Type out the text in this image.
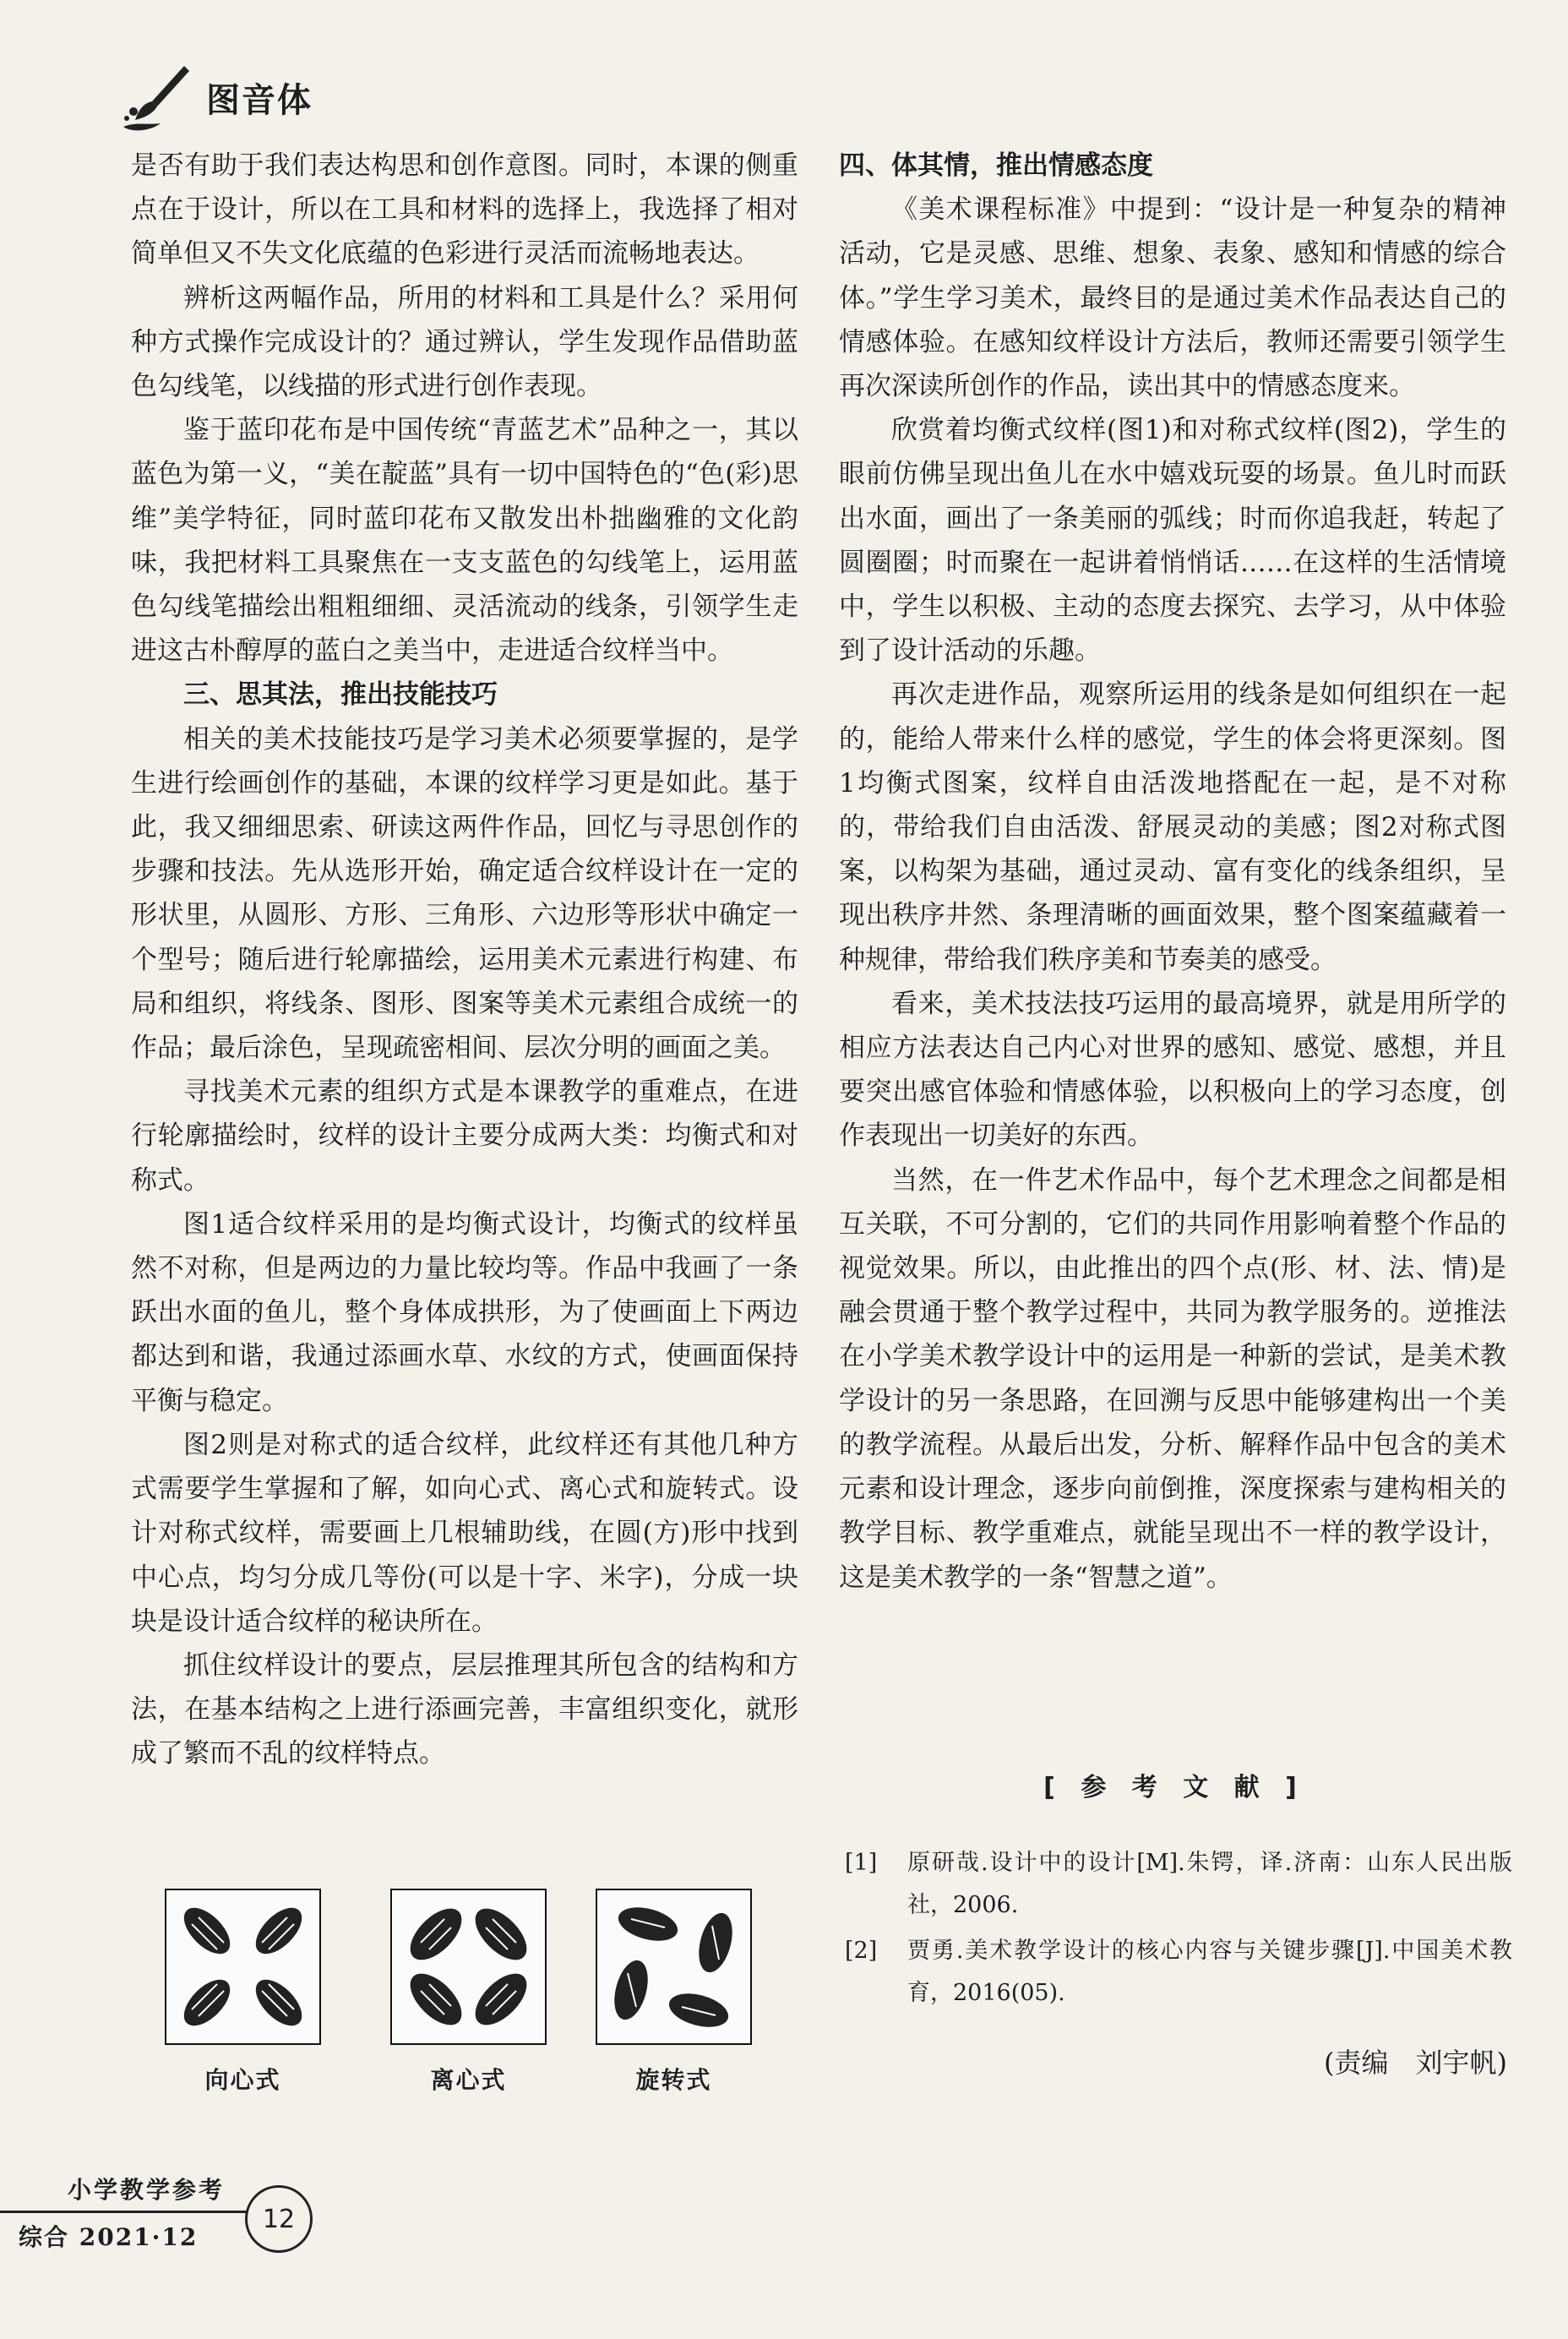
图音体

是否有助于我们表达构思和创作意图。同时，本课的侧重点在于设计，所以在工具和材料的选择上，我选择了相对简单但又不失文化底蕴的色彩进行灵活而流畅地表达。

辨析这两幅作品，所用的材料和工具是什么？采用何种方式操作完成设计的？通过辨认，学生发现作品借助蓝色勾线笔，以线描的形式进行创作表现。

鉴于蓝印花布是中国传统“青蓝艺术”品种之一，其以蓝色为第一义，“美在靛蓝”具有一切中国特色的“色(彩)思维”美学特征，同时蓝印花布又散发出朴拙幽雅的文化韵味，我把材料工具聚焦在一支支蓝色的勾线笔上，运用蓝色勾线笔描绘出粗粗细细、灵活流动的线条，引领学生走进这古朴醇厚的蓝白之美当中，走进适合纹样当中。

三、思其法，推出技能技巧

相关的美术技能技巧是学习美术必须要掌握的，是学生进行绘画创作的基础，本课的纹样学习更是如此。基于此，我又细细思索、研读这两件作品，回忆与寻思创作的步骤和技法。先从选形开始，确定适合纹样设计在一定的形状里，从圆形、方形、三角形、六边形等形状中确定一个型号；随后进行轮廓描绘，运用美术元素进行构建、布局和组织，将线条、图形、图案等美术元素组合成统一的作品；最后涂色，呈现疏密相间、层次分明的画面之美。

寻找美术元素的组织方式是本课教学的重难点，在进行轮廓描绘时，纹样的设计主要分成两大类：均衡式和对称式。

图1适合纹样采用的是均衡式设计，均衡式的纹样虽然不对称，但是两边的力量比较均等。作品中我画了一条跃出水面的鱼儿，整个身体成拱形，为了使画面上下两边都达到和谐，我通过添画水草、水纹的方式，使画面保持平衡与稳定。

图2则是对称式的适合纹样，此纹样还有其他几种方式需要学生掌握和了解，如向心式、离心式和旋转式。设计对称式纹样，需要画上几根辅助线，在圆(方)形中找到中心点，均匀分成几等份(可以是十字、米字)，分成一块块是设计适合纹样的秘诀所在。

抓住纹样设计的要点，层层推理其所包含的结构和方法，在基本结构之上进行添画完善，丰富组织变化，就形成了繁而不乱的纹样特点。

向心式	离心式	旋转式
四、体其情，推出情感态度

《美术课程标准》中提到：“设计是一种复杂的精神活动，它是灵感、思维、想象、表象、感知和情感的综合体。”学生学习美术，最终目的是通过美术作品表达自己的情感体验。在感知纹样设计方法后，教师还需要引领学生再次深读所创作的作品，读出其中的情感态度来。

欣赏着均衡式纹样(图1)和对称式纹样(图2)，学生的眼前仿佛呈现出鱼儿在水中嬉戏玩耍的场景。鱼儿时而跃出水面，画出了一条美丽的弧线；时而你追我赶，转起了圆圈圈；时而聚在一起讲着悄悄话……在这样的生活情境中，学生以积极、主动的态度去探究、去学习，从中体验到了设计活动的乐趣。

再次走进作品，观察所运用的线条是如何组织在一起的，能给人带来什么样的感觉，学生的体会将更深刻。图1均衡式图案，纹样自由活泼地搭配在一起，是不对称的，带给我们自由活泼、舒展灵动的美感；图2对称式图案，以构架为基础，通过灵动、富有变化的线条组织，呈现出秩序井然、条理清晰的画面效果，整个图案蕴藏着一种规律，带给我们秩序美和节奏美的感受。

看来，美术技法技巧运用的最高境界，就是用所学的相应方法表达自己内心对世界的感知、感觉、感想，并且要突出感官体验和情感体验，以积极向上的学习态度，创作表现出一切美好的东西。

当然，在一件艺术作品中，每个艺术理念之间都是相互关联，不可分割的，它们的共同作用影响着整个作品的视觉效果。所以，由此推出的四个点(形、材、法、情)是融会贯通于整个教学过程中，共同为教学服务的。逆推法在小学美术教学设计中的运用是一种新的尝试，是美术教学设计的另一条思路，在回溯与反思中能够建构出一个美的教学流程。从最后出发，分析、解释作品中包含的美术元素和设计理念，逐步向前倒推，深度探索与建构相关的教学目标、教学重难点，就能呈现出不一样的教学设计，这是美术教学的一条“智慧之道”。

[ 参 考 文 献 ]
[1]	原研哉.设计中的设计[M].朱锷，译.济南：山东人民出版社，2006.
[2]	贾勇.美术教学设计的核心内容与关键步骤[J].中国美术教育，2016(05).
(责编　刘宇帆)
小学教学参考
综合 2021·12
12
